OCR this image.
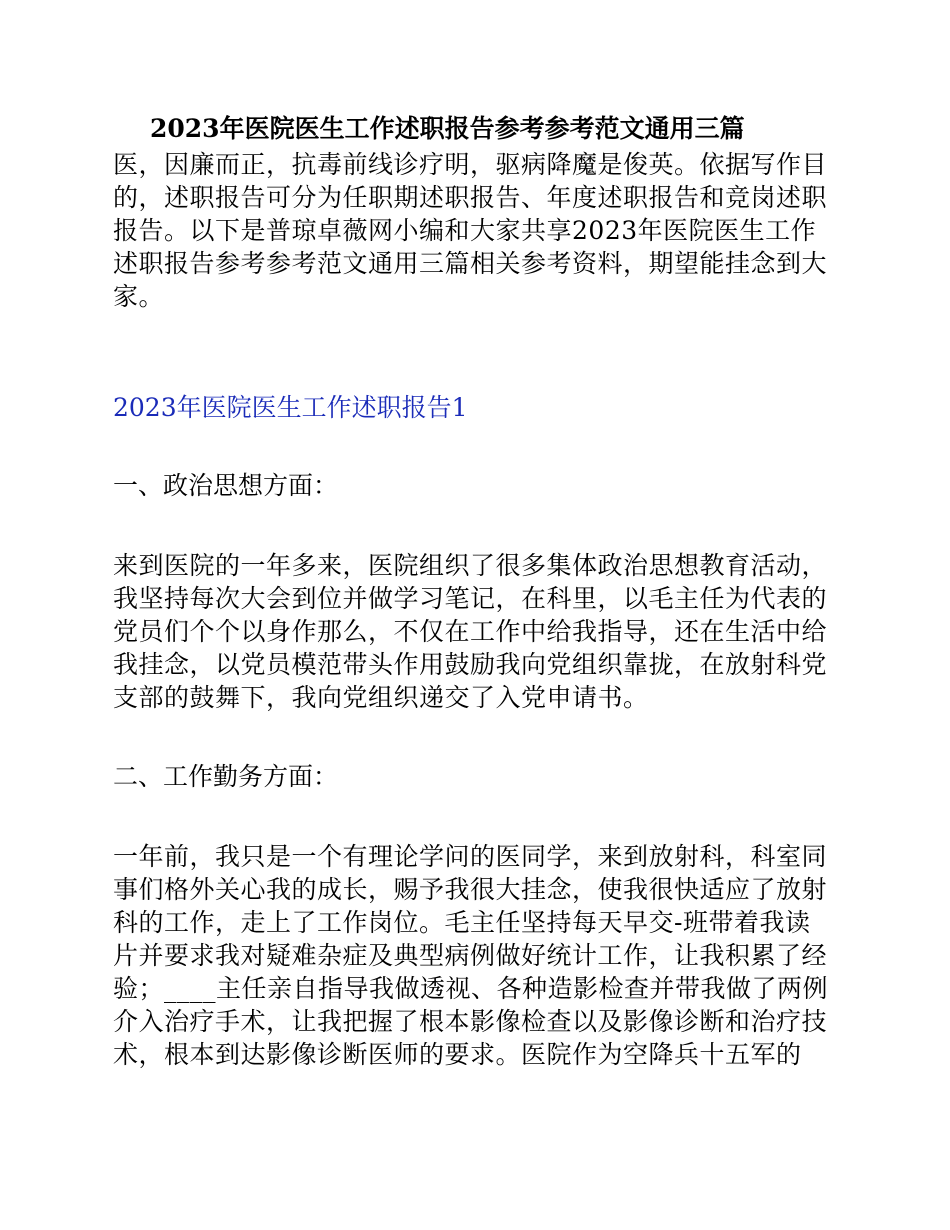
2023年医院医生工作述职报告参考参考范文通用三篇

医，因廉而正，抗毒前线诊疗明，驱病降魔是俊英。依据写作目的，述职报告可分为任职期述职报告、年度述职报告和竞岗述职报告。以下是普琼卓薇网小编和大家共享2023年医院医生工作述职报告参考参考范文通用三篇相关参考资料，期望能挂念到大家。

2023年医院医生工作述职报告1
一、政治思想方面：

来到医院的一年多来，医院组织了很多集体政治思想教育活动，我坚持每次大会到位并做学习笔记，在科里，以毛主任为代表的党员们个个以身作那么，不仅在工作中给我指导，还在生活中给我挂念，以党员模范带头作用鼓励我向党组织靠拢，在放射科党支部的鼓舞下，我向党组织递交了入党申请书。

二、工作勤务方面：

一年前，我只是一个有理论学问的医同学，来到放射科，科室同事们格外关心我的成长，赐予我很大挂念，使我很快适应了放射科的工作，走上了工作岗位。毛主任坚持每天早交-班带着我读片并要求我对疑难杂症及典型病例做好统计工作，让我积累了经验；____主任亲自指导我做透视、各种造影检查并带我做了两例介入治疗手术，让我把握了根本影像检查以及影像诊断和治疗技术，根本到达影像诊断医师的要求。医院作为空降兵十五军的
